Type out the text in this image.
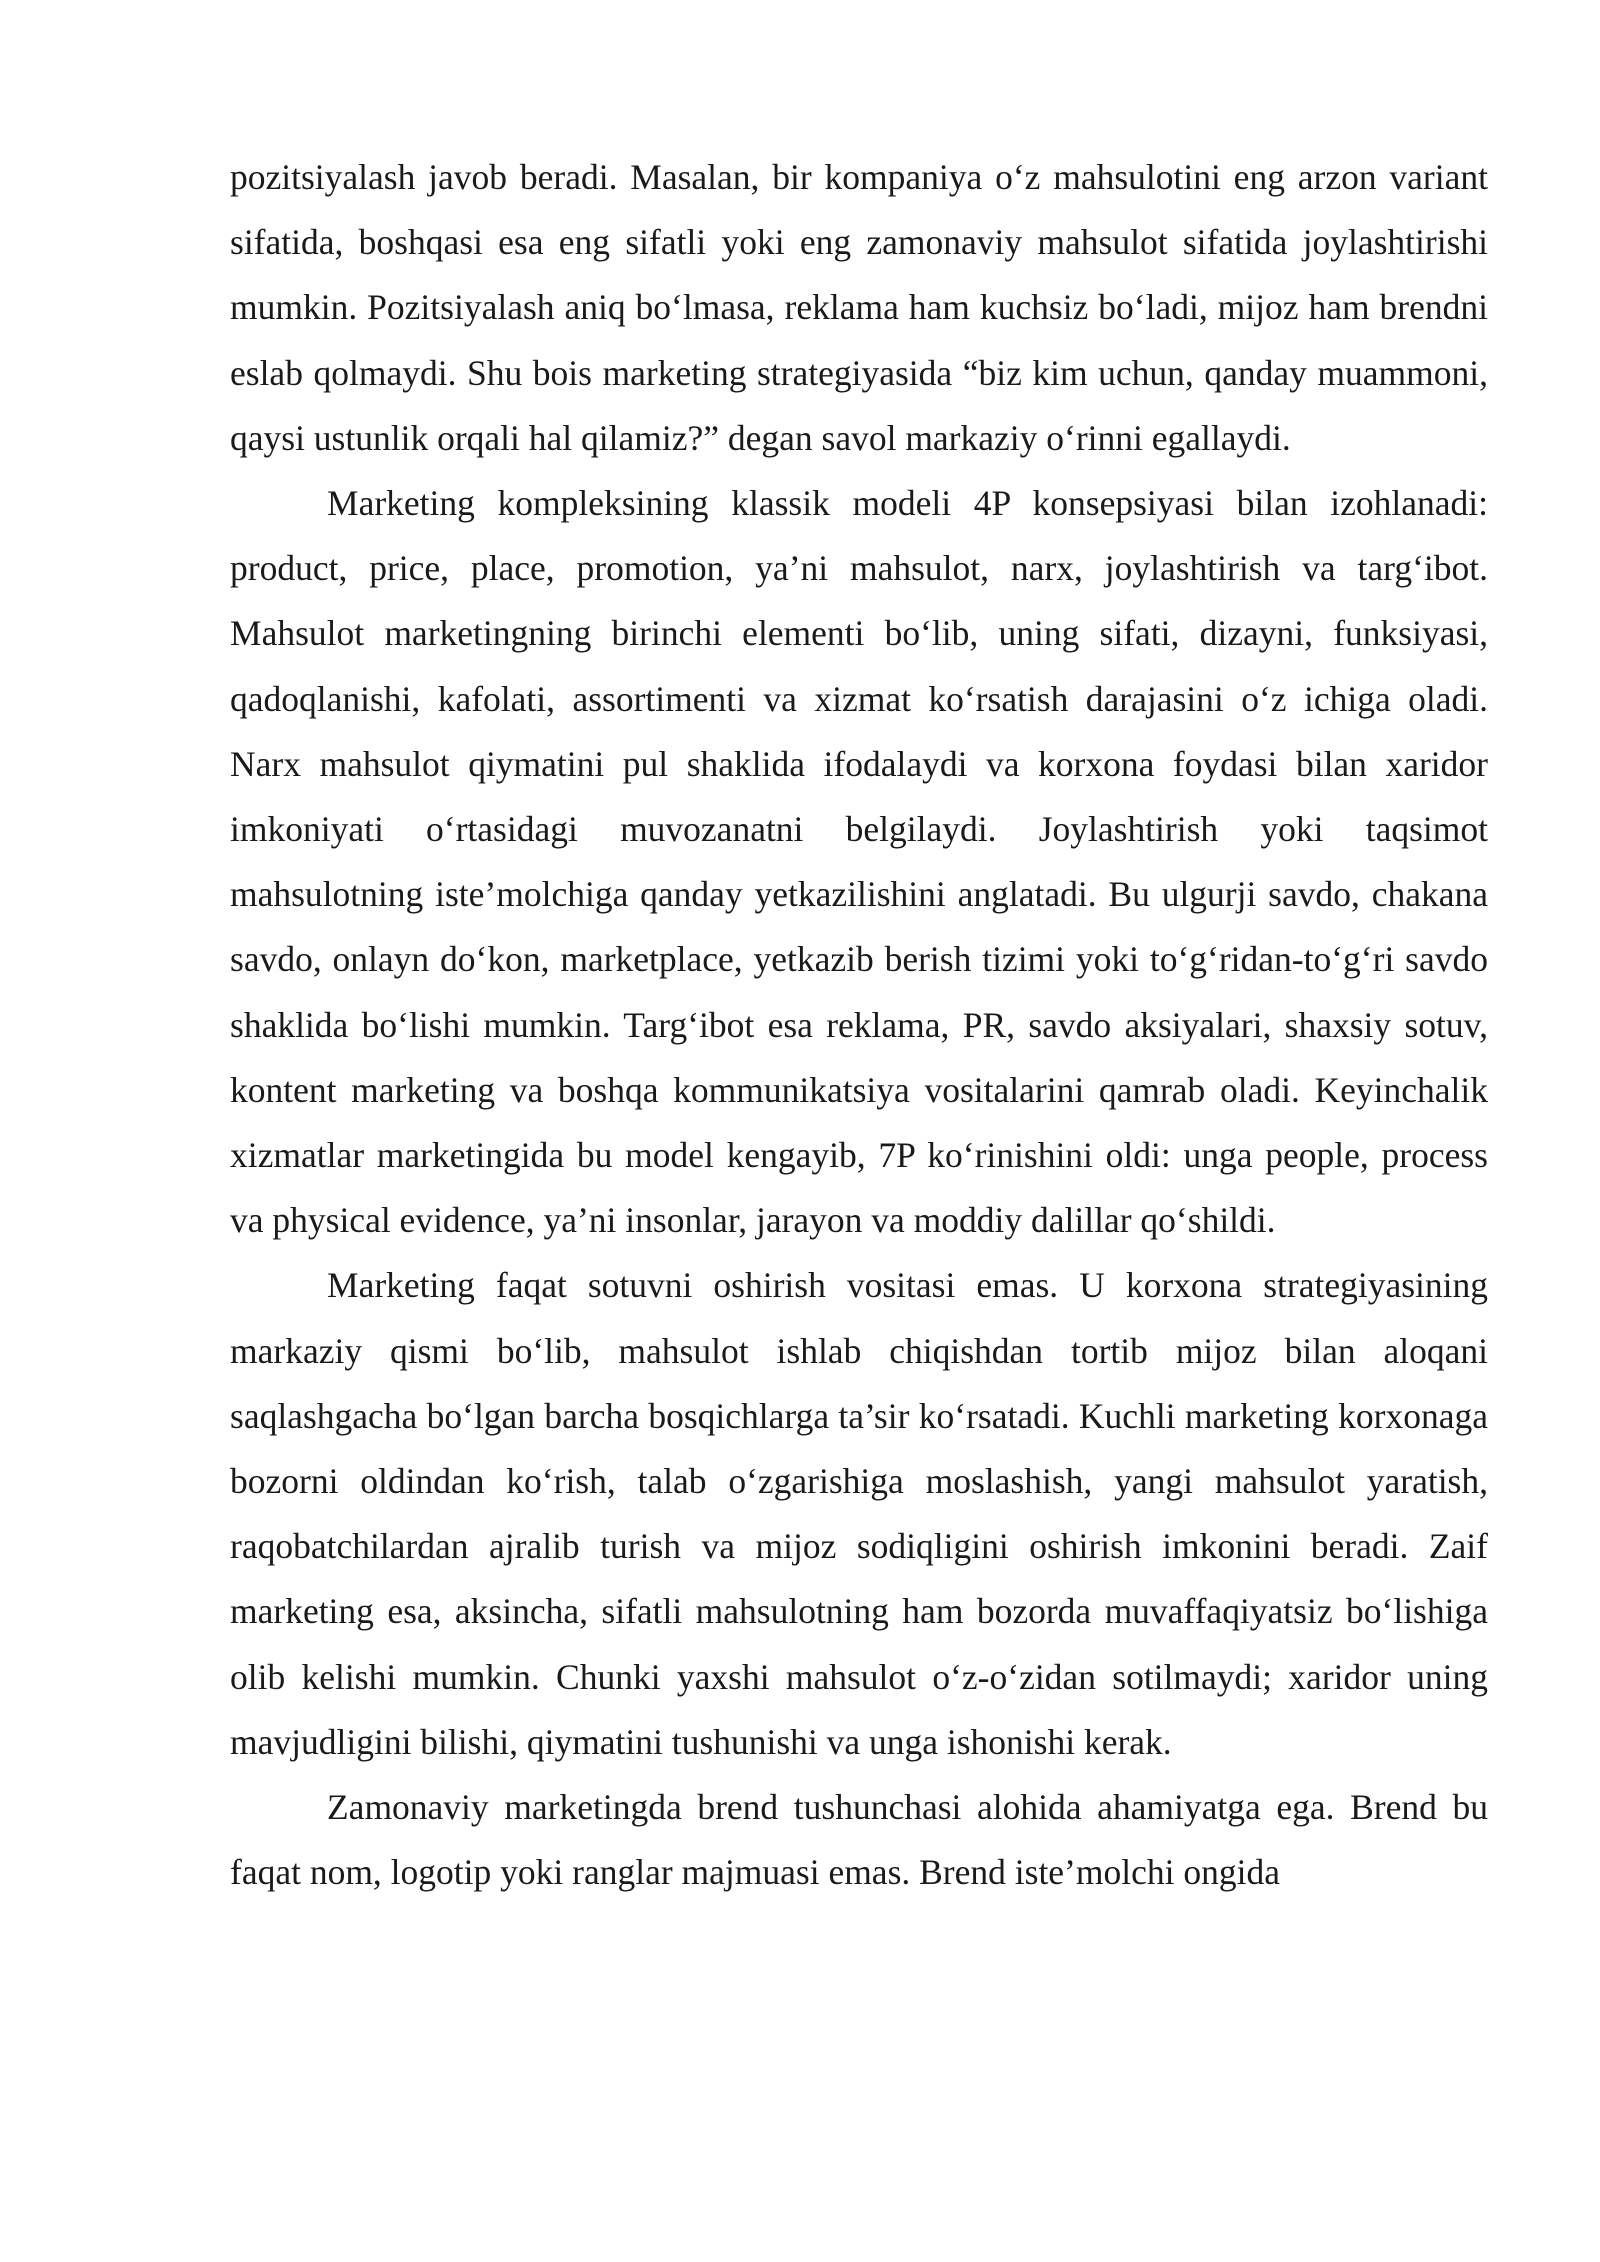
pozitsiyalash javob beradi. Masalan, bir kompaniya o‘z mahsulotini eng arzon variant sifatida, boshqasi esa eng sifatli yoki eng zamonaviy mahsulot sifatida joylashtirishi mumkin. Pozitsiyalash aniq bo‘lmasa, reklama ham kuchsiz bo‘ladi, mijoz ham brendni eslab qolmaydi. Shu bois marketing strategiyasida “biz kim uchun, qanday muammoni, qaysi ustunlik orqali hal qilamiz?” degan savol markaziy o‘rinni egallaydi.

Marketing kompleksining klassik modeli 4P konsepsiyasi bilan izohlanadi: product, price, place, promotion, ya’ni mahsulot, narx, joylashtirish va targ‘ibot. Mahsulot marketingning birinchi elementi bo‘lib, uning sifati, dizayni, funksiyasi, qadoqlanishi, kafolati, assortimenti va xizmat ko‘rsatish darajasini o‘z ichiga oladi. Narx mahsulot qiymatini pul shaklida ifodalaydi va korxona foydasi bilan xaridor imkoniyati o‘rtasidagi muvozanatni belgilaydi. Joylashtirish yoki taqsimot mahsulotning iste’molchiga qanday yetkazilishini anglatadi. Bu ulgurji savdo, chakana savdo, onlayn do‘kon, marketplace, yetkazib berish tizimi yoki to‘g‘ridan-to‘g‘ri savdo shaklida bo‘lishi mumkin. Targ‘ibot esa reklama, PR, savdo aksiyalari, shaxsiy sotuv, kontent marketing va boshqa kommunikatsiya vositalarini qamrab oladi. Keyinchalik xizmatlar marketingida bu model kengayib, 7P ko‘rinishini oldi: unga people, process va physical evidence, ya’ni insonlar, jarayon va moddiy dalillar qo‘shildi.

Marketing faqat sotuvni oshirish vositasi emas. U korxona strategiyasining markaziy qismi bo‘lib, mahsulot ishlab chiqishdan tortib mijoz bilan aloqani saqlashgacha bo‘lgan barcha bosqichlarga ta’sir ko‘rsatadi. Kuchli marketing korxonaga bozorni oldindan ko‘rish, talab o‘zgarishiga moslashish, yangi mahsulot yaratish, raqobatchilardan ajralib turish va mijoz sodiqligini oshirish imkonini beradi. Zaif marketing esa, aksincha, sifatli mahsulotning ham bozorda muvaffaqiyatsiz bo‘lishiga olib kelishi mumkin. Chunki yaxshi mahsulot o‘z-o‘zidan sotilmaydi; xaridor uning mavjudligini bilishi, qiymatini tushunishi va unga ishonishi kerak.

Zamonaviy marketingda brend tushunchasi alohida ahamiyatga ega. Brend bu faqat nom, logotip yoki ranglar majmuasi emas. Brend iste’molchi ongida
